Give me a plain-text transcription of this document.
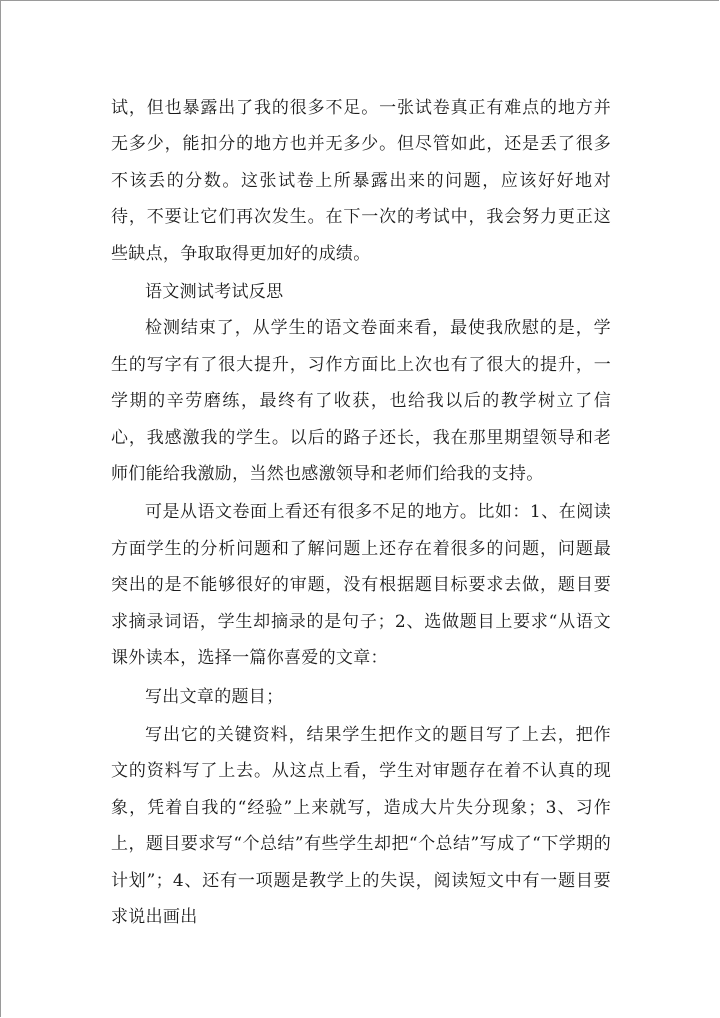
试，但也暴露出了我的很多不足。一张试卷真正有难点的地方并无多少，能扣分的地方也并无多少。但尽管如此，还是丢了很多不该丢的分数。这张试卷上所暴露出来的问题，应该好好地对待，不要让它们再次发生。在下一次的考试中，我会努力更正这些缺点，争取取得更加好的成绩。

语文测试考试反思

检测结束了，从学生的语文卷面来看，最使我欣慰的是，学生的写字有了很大提升，习作方面比上次也有了很大的提升，一学期的辛劳磨练，最终有了收获，也给我以后的教学树立了信心，我感激我的学生。以后的路子还长，我在那里期望领导和老师们能给我激励，当然也感激领导和老师们给我的支持。

可是从语文卷面上看还有很多不足的地方。比如：1、在阅读方面学生的分析问题和了解问题上还存在着很多的问题，问题最突出的是不能够很好的审题，没有根据题目标要求去做，题目要求摘录词语，学生却摘录的是句子；2、选做题目上要求“从语文课外读本，选择一篇你喜爱的文章：

写出文章的题目；

写出它的关键资料，结果学生把作文的题目写了上去，把作文的资料写了上去。从这点上看，学生对审题存在着不认真的现象，凭着自我的“经验”上来就写，造成大片失分现象；3、习作上，题目要求写“个总结”有些学生却把“个总结”写成了“下学期的计划”；4、还有一项题是教学上的失误，阅读短文中有一题目要求说出画出
